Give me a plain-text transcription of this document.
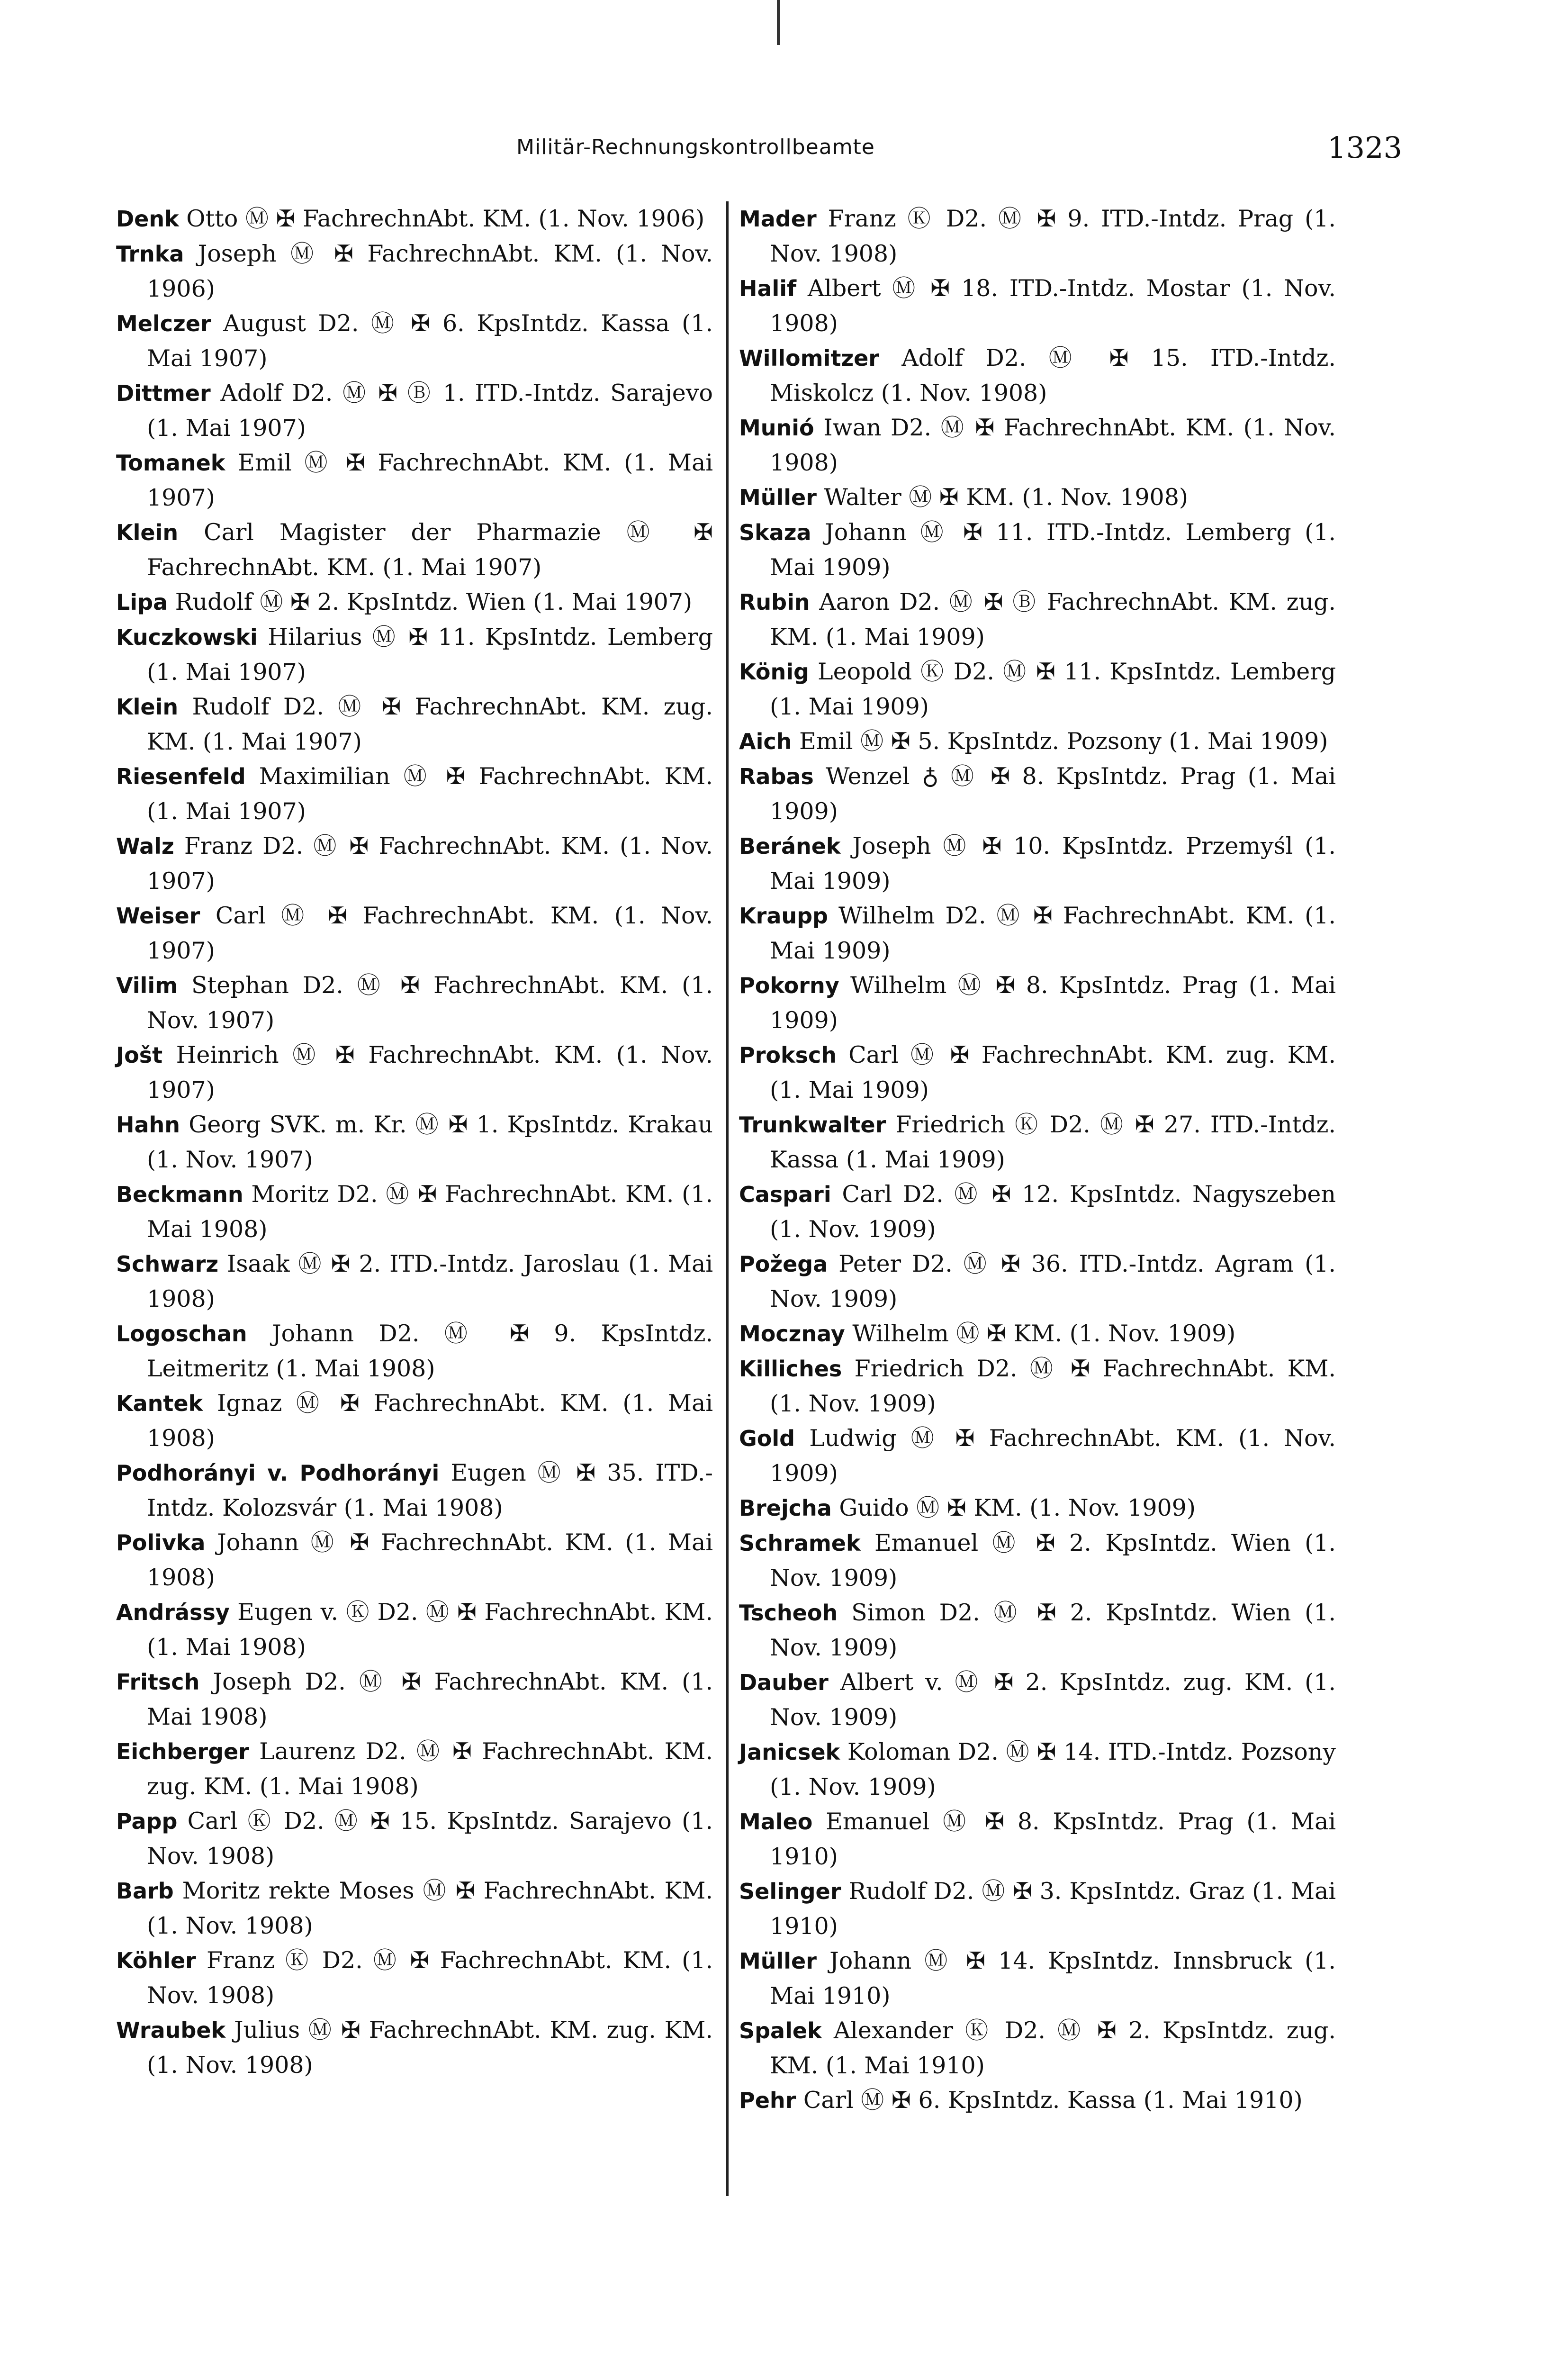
Militär-Rechnungskontrollbeamte	1323

Denk Otto Ⓜ ✠ FachrechnAbt. KM. (1. Nov. 1906)

Trnka Joseph Ⓜ ✠ FachrechnAbt. KM. (1. Nov. 1906)

Melczer August D2. Ⓜ ✠ 6. KpsIntdz. Kassa (1. Mai 1907)

Dittmer Adolf D2. Ⓜ ✠ Ⓑ 1. ITD.-Intdz. Sarajevo (1. Mai 1907)

Tomanek Emil Ⓜ ✠ FachrechnAbt. KM. (1. Mai 1907)

Klein Carl Magister der Pharmazie Ⓜ ✠ FachrechnAbt. KM. (1. Mai 1907)

Lipa Rudolf Ⓜ ✠ 2. KpsIntdz. Wien (1. Mai 1907)

Kuczkowski Hilarius Ⓜ ✠ 11. KpsIntdz. Lemberg (1. Mai 1907)

Klein Rudolf D2. Ⓜ ✠ FachrechnAbt. KM. zug. KM. (1. Mai 1907)

Riesenfeld Maximilian Ⓜ ✠ FachrechnAbt. KM. (1. Mai 1907)

Walz Franz D2. Ⓜ ✠ FachrechnAbt. KM. (1. Nov. 1907)

Weiser Carl Ⓜ ✠ FachrechnAbt. KM. (1. Nov. 1907)

Vilim Stephan D2. Ⓜ ✠ FachrechnAbt. KM. (1. Nov. 1907)

Jošt Heinrich Ⓜ ✠ FachrechnAbt. KM. (1. Nov. 1907)

Hahn Georg SVK. m. Kr. Ⓜ ✠ 1. KpsIntdz. Krakau (1. Nov. 1907)

Beckmann Moritz D2. Ⓜ ✠ FachrechnAbt. KM. (1. Mai 1908)

Schwarz Isaak Ⓜ ✠ 2. ITD.-Intdz. Jaroslau (1. Mai 1908)

Logoschan Johann D2. Ⓜ ✠ 9. KpsIntdz. Leitmeritz (1. Mai 1908)

Kantek Ignaz Ⓜ ✠ FachrechnAbt. KM. (1. Mai 1908)

Podhorányi v. Podhorányi Eugen Ⓜ ✠ 35. ITD.-Intdz. Kolozsvár (1. Mai 1908)

Polivka Johann Ⓜ ✠ FachrechnAbt. KM. (1. Mai 1908)

Andrássy Eugen v. Ⓚ D2. Ⓜ ✠ FachrechnAbt. KM. (1. Mai 1908)

Fritsch Joseph D2. Ⓜ ✠ FachrechnAbt. KM. (1. Mai 1908)

Eichberger Laurenz D2. Ⓜ ✠ FachrechnAbt. KM. zug. KM. (1. Mai 1908)

Papp Carl Ⓚ D2. Ⓜ ✠ 15. KpsIntdz. Sarajevo (1. Nov. 1908)

Barb Moritz rekte Moses Ⓜ ✠ FachrechnAbt. KM. (1. Nov. 1908)

Köhler Franz Ⓚ D2. Ⓜ ✠ FachrechnAbt. KM. (1. Nov. 1908)

Wraubek Julius Ⓜ ✠ FachrechnAbt. KM. zug. KM. (1. Nov. 1908)

Mader Franz Ⓚ D2. Ⓜ ✠ 9. ITD.-Intdz. Prag (1. Nov. 1908)

Halif Albert Ⓜ ✠ 18. ITD.-Intdz. Mostar (1. Nov. 1908)

Willomitzer Adolf D2. Ⓜ ✠ 15. ITD.-Intdz. Miskolcz (1. Nov. 1908)

Munió Iwan D2. Ⓜ ✠ FachrechnAbt. KM. (1. Nov. 1908)

Müller Walter Ⓜ ✠ KM. (1. Nov. 1908)

Skaza Johann Ⓜ ✠ 11. ITD.-Intdz. Lemberg (1. Mai 1909)

Rubin Aaron D2. Ⓜ ✠ Ⓑ FachrechnAbt. KM. zug. KM. (1. Mai 1909)

König Leopold Ⓚ D2. Ⓜ ✠ 11. KpsIntdz. Lemberg (1. Mai 1909)

Aich Emil Ⓜ ✠ 5. KpsIntdz. Pozsony (1. Mai 1909)

Rabas Wenzel ♁ Ⓜ ✠ 8. KpsIntdz. Prag (1. Mai 1909)

Beránek Joseph Ⓜ ✠ 10. KpsIntdz. Przemyśl (1. Mai 1909)

Kraupp Wilhelm D2. Ⓜ ✠ FachrechnAbt. KM. (1. Mai 1909)

Pokorny Wilhelm Ⓜ ✠ 8. KpsIntdz. Prag (1. Mai 1909)

Proksch Carl Ⓜ ✠ FachrechnAbt. KM. zug. KM. (1. Mai 1909)

Trunkwalter Friedrich Ⓚ D2. Ⓜ ✠ 27. ITD.-Intdz. Kassa (1. Mai 1909)

Caspari Carl D2. Ⓜ ✠ 12. KpsIntdz. Nagyszeben (1. Nov. 1909)

Požega Peter D2. Ⓜ ✠ 36. ITD.-Intdz. Agram (1. Nov. 1909)

Mocznay Wilhelm Ⓜ ✠ KM. (1. Nov. 1909)

Killiches Friedrich D2. Ⓜ ✠ FachrechnAbt. KM. (1. Nov. 1909)

Gold Ludwig Ⓜ ✠ FachrechnAbt. KM. (1. Nov. 1909)

Brejcha Guido Ⓜ ✠ KM. (1. Nov. 1909)

Schramek Emanuel Ⓜ ✠ 2. KpsIntdz. Wien (1. Nov. 1909)

Tscheoh Simon D2. Ⓜ ✠ 2. KpsIntdz. Wien (1. Nov. 1909)

Dauber Albert v. Ⓜ ✠ 2. KpsIntdz. zug. KM. (1. Nov. 1909)

Janicsek Koloman D2. Ⓜ ✠ 14. ITD.-Intdz. Pozsony (1. Nov. 1909)

Maleo Emanuel Ⓜ ✠ 8. KpsIntdz. Prag (1. Mai 1910)

Selinger Rudolf D2. Ⓜ ✠ 3. KpsIntdz. Graz (1. Mai 1910)

Müller Johann Ⓜ ✠ 14. KpsIntdz. Innsbruck (1. Mai 1910)

Spalek Alexander Ⓚ D2. Ⓜ ✠ 2. KpsIntdz. zug. KM. (1. Mai 1910)

Pehr Carl Ⓜ ✠ 6. KpsIntdz. Kassa (1. Mai 1910)
